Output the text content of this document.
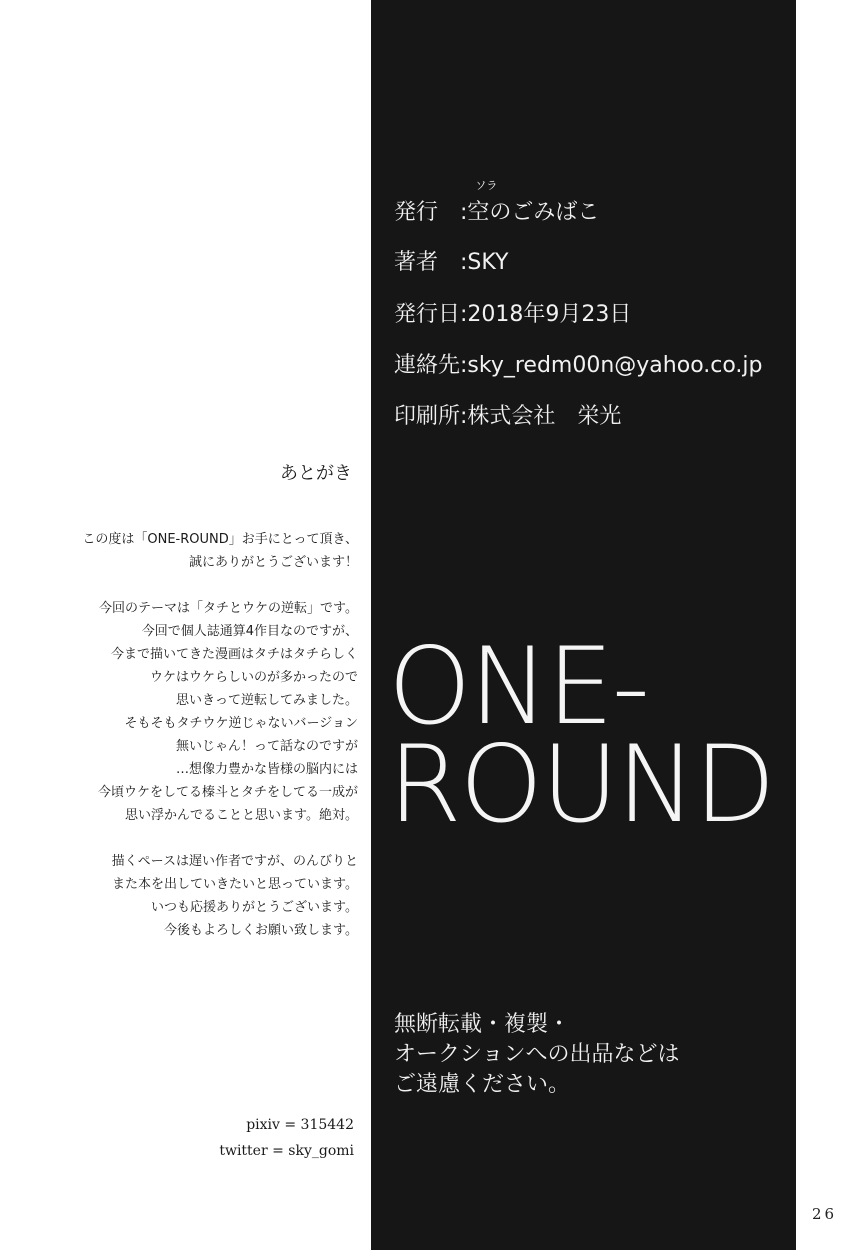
発行　:
ソラ
空のごみばこ
著者　:SKY
発行日:2018年9月23日
連絡先:sky_redm00n@yahoo.co.jp
印刷所:株式会社　栄光
ONE-
ROUND
無断転載・複製・
オークションへの出品などは
ご遠慮ください。
あとがき
この度は「ONE-ROUND」お手にとって頂き、
誠にありがとうございます！
今回のテーマは「タチとウケの逆転」です。
今回で個人誌通算4作目なのですが、
今まで描いてきた漫画はタチはタチらしく
ウケはウケらしいのが多かったので
思いきって逆転してみました。
そもそもタチウケ逆じゃないバージョン
無いじゃん！って話なのですが
…想像力豊かな皆様の脳内には
今頃ウケをしてる榛斗とタチをしてる一成が
思い浮かんでることと思います。絶対。
描くペースは遅い作者ですが、のんびりと
また本を出していきたいと思っています。
いつも応援ありがとうございます。
今後もよろしくお願い致します。
pixiv = 315442
twitter = sky_gomi
26
